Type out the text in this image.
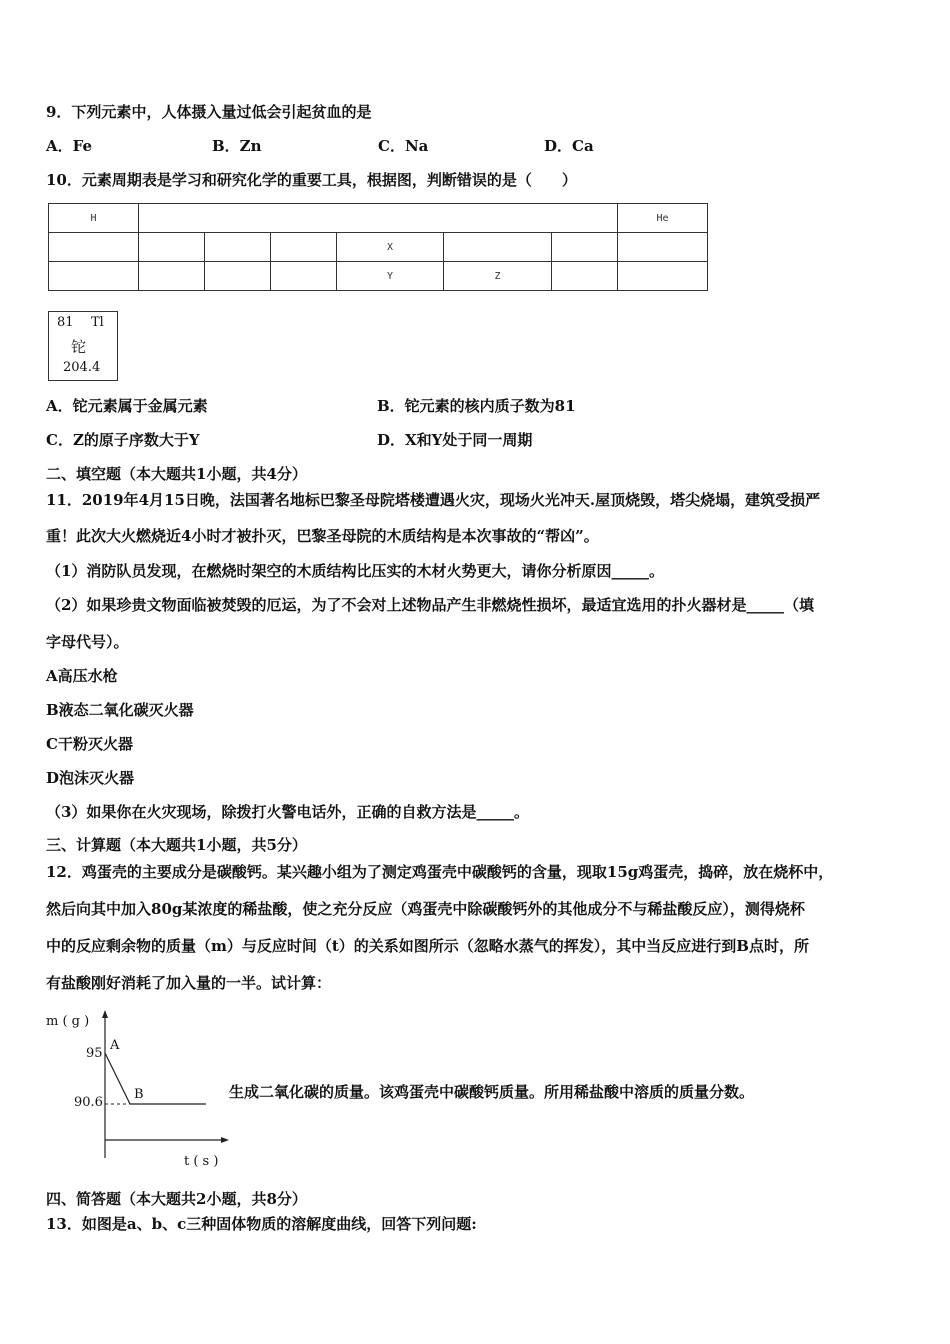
9．下列元素中，人体摄入量过低会引起贫血的是
A．Fe	B．Zn	C．Na	D．Ca
10．元素周期表是学习和研究化学的重要工具，根据图，判断错误的是（　　）
H							He
				X			
				Y	Z		
81 Tl
铊
204.4
A．铊元素属于金属元素	B．铊元素的核内质子数为81
C．Z的原子序数大于Y	D．X和Y处于同一周期
二、填空题（本大题共1小题，共4分）
11．2019年4月15日晚，法国著名地标巴黎圣母院塔楼遭遇火灾，现场火光冲天.屋顶烧毁，塔尖烧塌，建筑受损严
重！此次大火燃烧近4小时才被扑灭，巴黎圣母院的木质结构是本次事故的“帮凶”。
（1）消防队员发现，在燃烧时架空的木质结构比压实的木材火势更大，请你分析原因_____。
（2）如果珍贵文物面临被焚毁的厄运，为了不会对上述物品产生非燃烧性损坏，最适宜选用的扑火器材是_____（填
字母代号）。
A高压水枪
B液态二氧化碳灭火器
C干粉灭火器
D泡沫灭火器
（3）如果你在火灾现场，除拨打火警电话外，正确的自救方法是_____。
三、计算题（本大题共1小题，共5分）
12．鸡蛋壳的主要成分是碳酸钙。某兴趣小组为了测定鸡蛋壳中碳酸钙的含量，现取15g鸡蛋壳，捣碎，放在烧杯中，
然后向其中加入80g某浓度的稀盐酸，使之充分反应（鸡蛋壳中除碳酸钙外的其他成分不与稀盐酸反应），测得烧杯
中的反应剩余物的质量（m）与反应时间（t）的关系如图所示（忽略水蒸气的挥发），其中当反应进行到B点时，所
有盐酸刚好消耗了加入量的一半。试计算：
m ( g )
95
90.6
A
B
t ( s )
生成二氧化碳的质量。该鸡蛋壳中碳酸钙质量。所用稀盐酸中溶质的质量分数。
四、简答题（本大题共2小题，共8分）
13．如图是a、b、c三种固体物质的溶解度曲线，回答下列问题:
